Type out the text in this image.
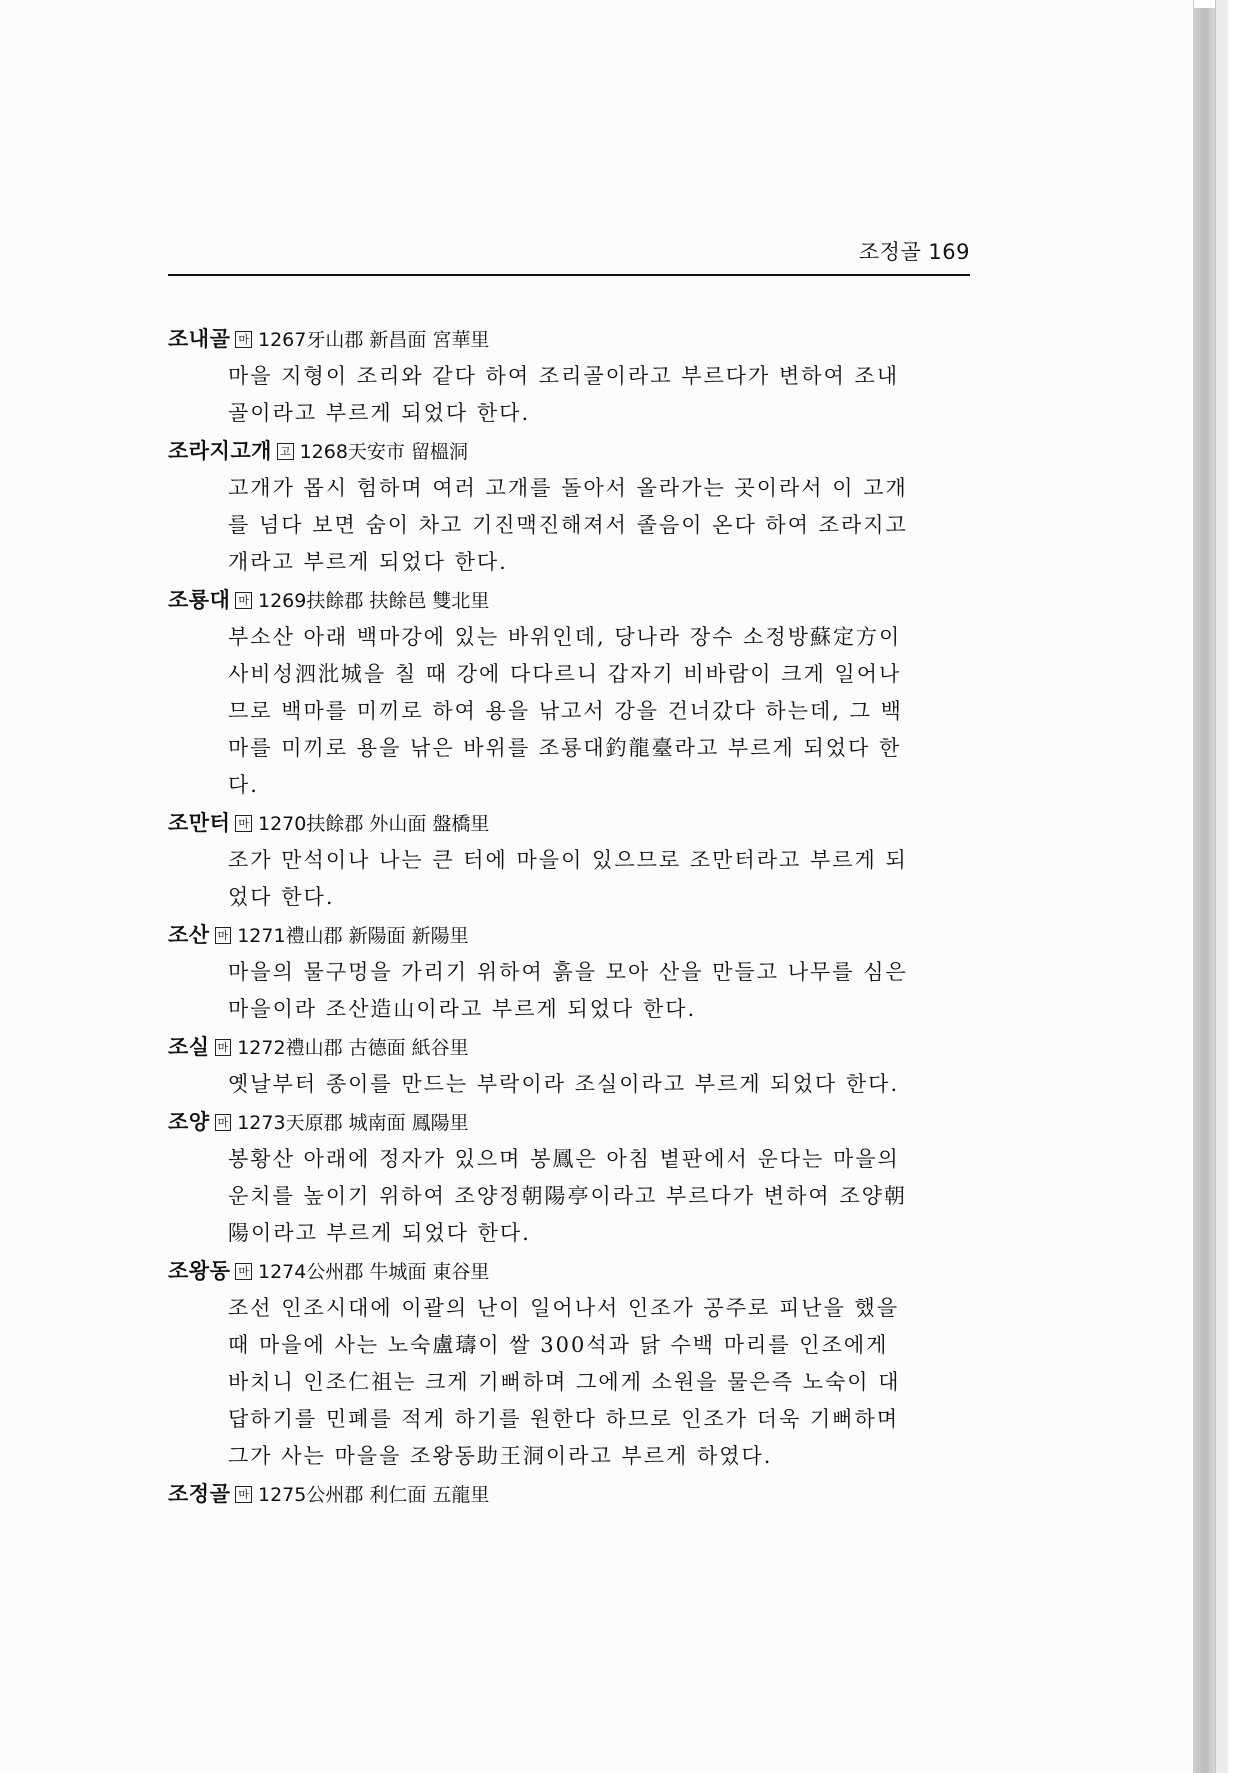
조정골 169
조내골 마 1267牙山郡 新昌面 宮華里
마을 지형이 조리와 같다 하여 조리골이라고 부르다가 변하여 조내
골이라고 부르게 되었다 한다.
조라지고개 고 1268天安市 留榲洞
고개가 몹시 험하며 여러 고개를 돌아서 올라가는 곳이라서 이 고개
를 넘다 보면 숨이 차고 기진맥진해져서 졸음이 온다 하여 조라지고
개라고 부르게 되었다 한다.
조룡대 마 1269扶餘郡 扶餘邑 雙北里
부소산 아래 백마강에 있는 바위인데, 당나라 장수 소정방蘇定方이
사비성泗沘城을 칠 때 강에 다다르니 갑자기 비바람이 크게 일어나
므로 백마를 미끼로 하여 용을 낚고서 강을 건너갔다 하는데, 그 백
마를 미끼로 용을 낚은 바위를 조룡대釣龍臺라고 부르게 되었다 한
다.
조만터 마 1270扶餘郡 外山面 盤橋里
조가 만석이나 나는 큰 터에 마을이 있으므로 조만터라고 부르게 되
었다 한다.
조산 마 1271禮山郡 新陽面 新陽里
마을의 물구멍을 가리기 위하여 흙을 모아 산을 만들고 나무를 심은
마을이라 조산造山이라고 부르게 되었다 한다.
조실 마 1272禮山郡 古德面 紙谷里
옛날부터 종이를 만드는 부락이라 조실이라고 부르게 되었다 한다.
조양 마 1273天原郡 城南面 鳳陽里
봉황산 아래에 정자가 있으며 봉鳳은 아침 볕판에서 운다는 마을의
운치를 높이기 위하여 조양정朝陽亭이라고 부르다가 변하여 조양朝
陽이라고 부르게 되었다 한다.
조왕동 마 1274公州郡 牛城面 東谷里
조선 인조시대에 이괄의 난이 일어나서 인조가 공주로 피난을 했을
때 마을에 사는 노숙盧璹이 쌀 300석과 닭 수백 마리를 인조에게
바치니 인조仁祖는 크게 기뻐하며 그에게 소원을 물은즉 노숙이 대
답하기를 민폐를 적게 하기를 원한다 하므로 인조가 더욱 기뻐하며
그가 사는 마을을 조왕동助王洞이라고 부르게 하였다.
조정골 마 1275公州郡 利仁面 五龍里
